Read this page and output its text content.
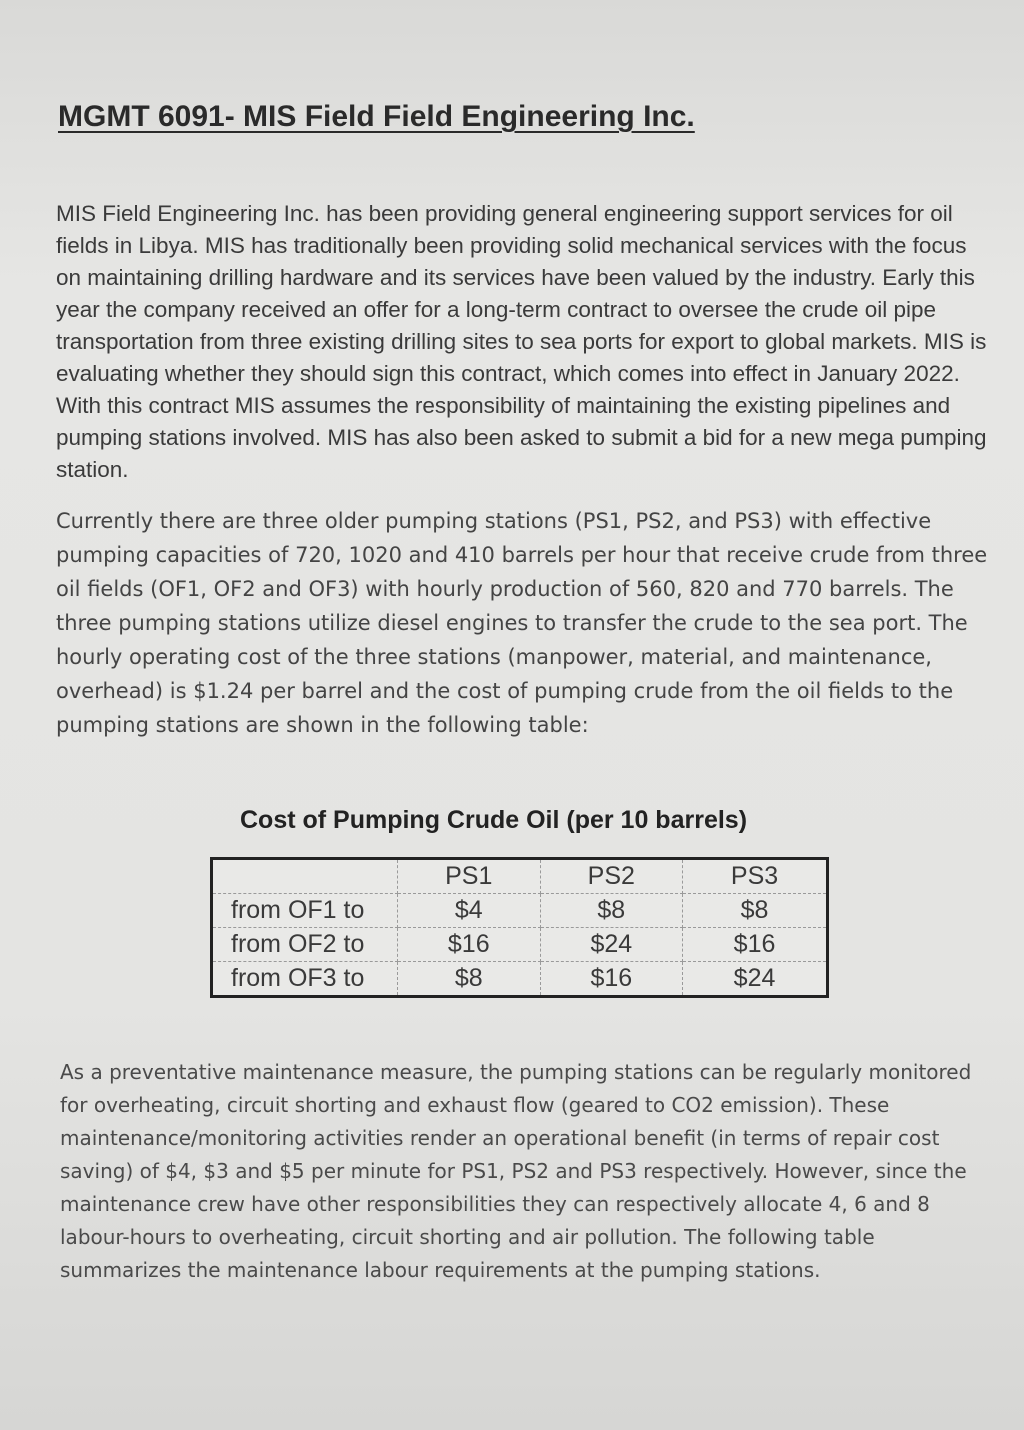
MGMT 6091- MIS Field Field Engineering Inc.

MIS Field Engineering Inc. has been providing general engineering support services for oil fields in Libya. MIS has traditionally been providing solid mechanical services with the focus on maintaining drilling hardware and its services have been valued by the industry. Early this year the company received an offer for a long-term contract to oversee the crude oil pipe transportation from three existing drilling sites to sea ports for export to global markets. MIS is evaluating whether they should sign this contract, which comes into effect in January 2022. With this contract MIS assumes the responsibility of maintaining the existing pipelines and pumping stations involved. MIS has also been asked to submit a bid for a new mega pumping station.

Currently there are three older pumping stations (PS1, PS2, and PS3) with effective pumping capacities of 720, 1020 and 410 barrels per hour that receive crude from three oil fields (OF1, OF2 and OF3) with hourly production of 560, 820 and 770 barrels. The three pumping stations utilize diesel engines to transfer the crude to the sea port. The hourly operating cost of the three stations (manpower, material, and maintenance, overhead) is $1.24 per barrel and the cost of pumping crude from the oil fields to the pumping stations are shown in the following table:

Cost of Pumping Crude Oil (per 10 barrels)
	PS1	PS2	PS3
from OF1 to	$4	$8	$8
from OF2 to	$16	$24	$16
from OF3 to	$8	$16	$24

As a preventative maintenance measure, the pumping stations can be regularly monitored for overheating, circuit shorting and exhaust flow (geared to CO2 emission). These maintenance/monitoring activities render an operational benefit (in terms of repair cost saving) of $4, $3 and $5 per minute for PS1, PS2 and PS3 respectively. However, since the maintenance crew have other responsibilities they can respectively allocate 4, 6 and 8 labour-hours to overheating, circuit shorting and air pollution. The following table summarizes the maintenance labour requirements at the pumping stations.
